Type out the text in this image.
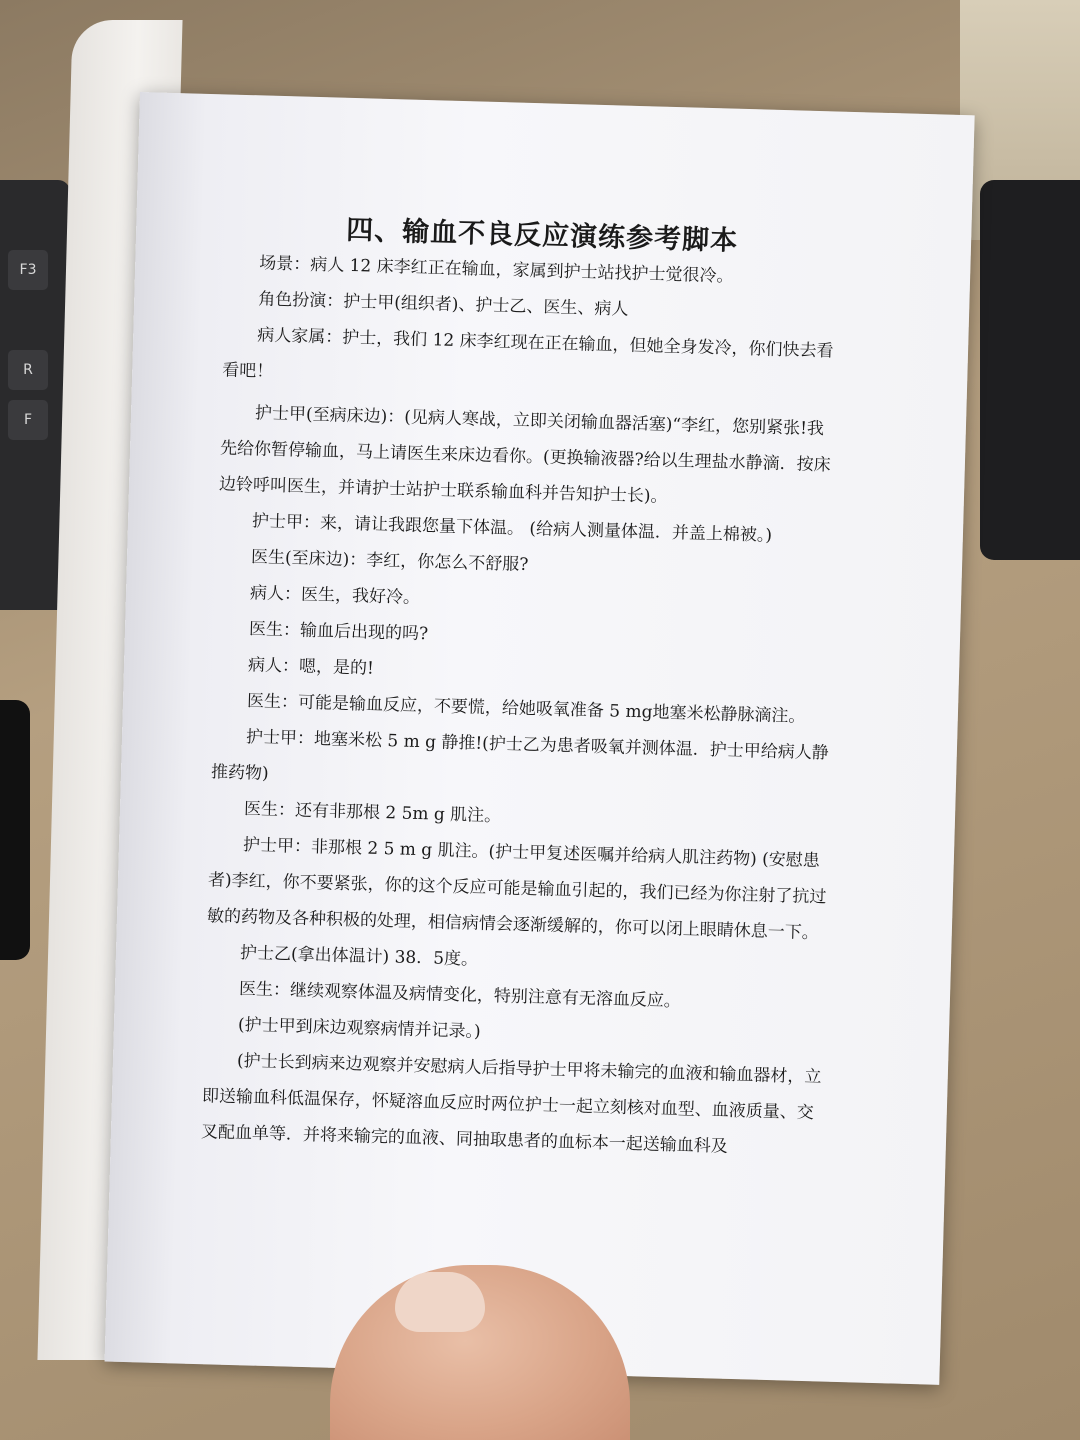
F3
R
F
四、输血不良反应演练参考脚本

场景：病人 12 床李红正在输血，家属到护士站找护士觉很冷。

角色扮演：护士甲(组织者)、护士乙、医生、病人

病人家属：护士，我们 12 床李红现在正在输血，但她全身发冷，你们快去看看吧！

护士甲(至病床边)：(见病人寒战，立即关闭输血器活塞)“李红，您别紧张!我先给你暂停输血，马上请医生来床边看你。(更换输液器?给以生理盐水静滴．按床边铃呼叫医生，并请护士站护士联系输血科并告知护士长)。

护士甲：来，请让我跟您量下体温。 (给病人测量体温．并盖上棉被。)

医生(至床边)：李红，你怎么不舒服?

病人：医生，我好冷。

医生：输血后出现的吗?

病人：嗯，是的!

医生：可能是输血反应，不要慌，给她吸氧准备 5 mg地塞米松静脉滴注。

护士甲：地塞米松 5 m g 静推!(护士乙为患者吸氧并测体温．护士甲给病人静推药物)

医生：还有非那根 2 5m g 肌注。

护士甲：非那根 2 5 m g 肌注。(护士甲复述医嘱并给病人肌注药物) (安慰患者)李红，你不要紧张，你的这个反应可能是输血引起的，我们已经为你注射了抗过敏的药物及各种积极的处理，相信病情会逐渐缓解的，你可以闭上眼睛休息一下。

护士乙(拿出体温计) 38．5度。

医生：继续观察体温及病情变化，特别注意有无溶血反应。

(护士甲到床边观察病情并记录。)

(护士长到病来边观察并安慰病人后指导护士甲将未输完的血液和输血器材，立即送输血科低温保存，怀疑溶血反应时两位护士一起立刻核对血型、血液质量、交叉配血单等．并将来输完的血液、同抽取患者的血标本一起送输血科及
